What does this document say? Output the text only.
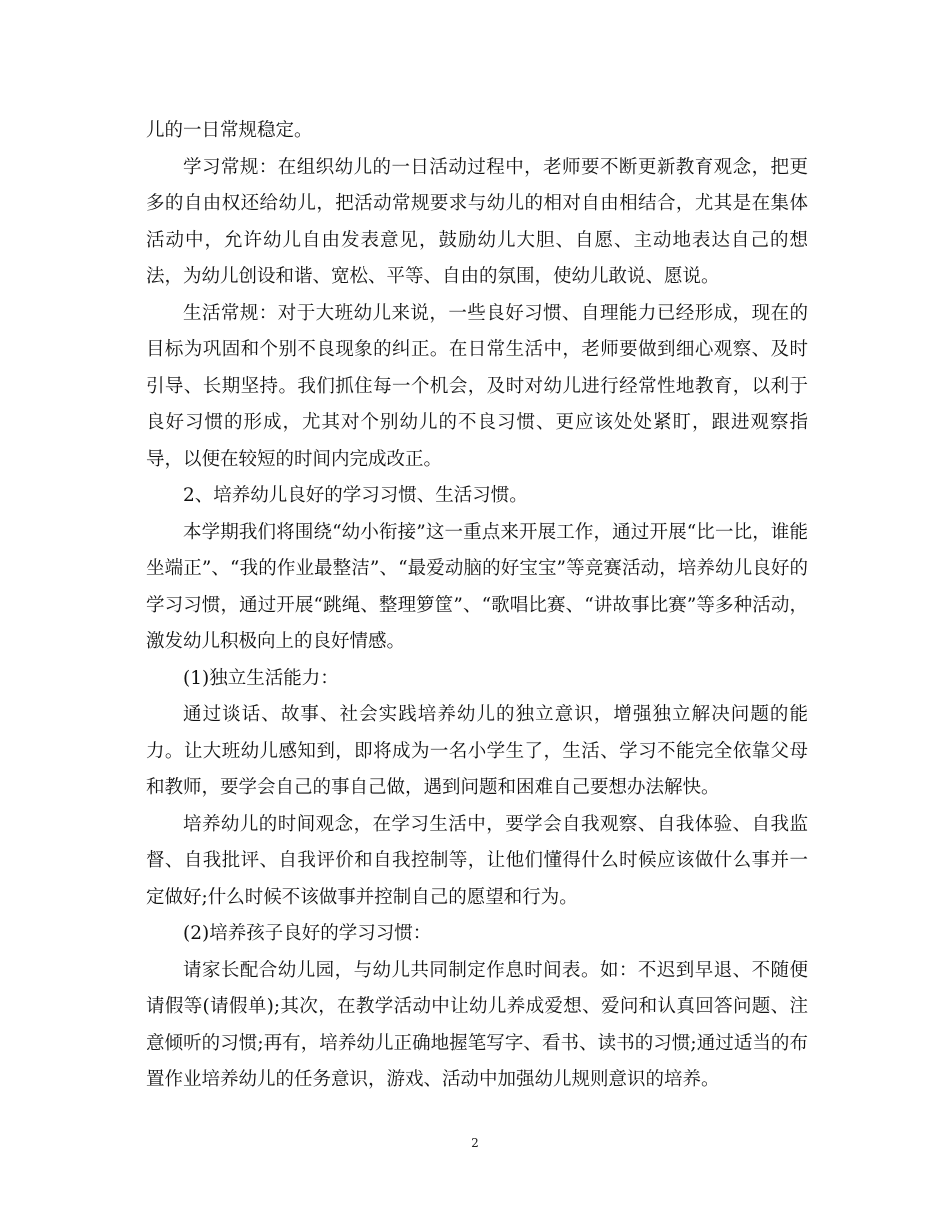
儿的一日常规稳定。

学习常规：在组织幼儿的一日活动过程中，老师要不断更新教育观念，把更多的自由权还给幼儿，把活动常规要求与幼儿的相对自由相结合，尤其是在集体活动中，允许幼儿自由发表意见，鼓励幼儿大胆、自愿、主动地表达自己的想法，为幼儿创设和谐、宽松、平等、自由的氛围，使幼儿敢说、愿说。

生活常规：对于大班幼儿来说，一些良好习惯、自理能力已经形成，现在的目标为巩固和个别不良现象的纠正。在日常生活中，老师要做到细心观察、及时引导、长期坚持。我们抓住每一个机会，及时对幼儿进行经常性地教育，以利于良好习惯的形成，尤其对个别幼儿的不良习惯、更应该处处紧盯，跟进观察指导，以便在较短的时间内完成改正。

2、培养幼儿良好的学习习惯、生活习惯。

本学期我们将围绕“幼小衔接”这一重点来开展工作，通过开展“比一比，谁能坐端正”、“我的作业最整洁”、“最爱动脑的好宝宝”等竞赛活动，培养幼儿良好的学习习惯，通过开展“跳绳、整理箩筐”、“歌唱比赛、“讲故事比赛”等多种活动，激发幼儿积极向上的良好情感。

(1)独立生活能力：

通过谈话、故事、社会实践培养幼儿的独立意识，增强独立解决问题的能力。让大班幼儿感知到，即将成为一名小学生了，生活、学习不能完全依靠父母和教师，要学会自己的事自己做，遇到问题和困难自己要想办法解快。

培养幼儿的时间观念，在学习生活中，要学会自我观察、自我体验、自我监督、自我批评、自我评价和自我控制等，让他们懂得什么时候应该做什么事并一定做好;什么时候不该做事并控制自己的愿望和行为。

(2)培养孩子良好的学习习惯：

请家长配合幼儿园，与幼儿共同制定作息时间表。如：不迟到早退、不随便请假等(请假单);其次，在教学活动中让幼儿养成爱想、爱问和认真回答问题、注意倾听的习惯;再有，培养幼儿正确地握笔写字、看书、读书的习惯;通过适当的布置作业培养幼儿的任务意识，游戏、活动中加强幼儿规则意识的培养。

2
